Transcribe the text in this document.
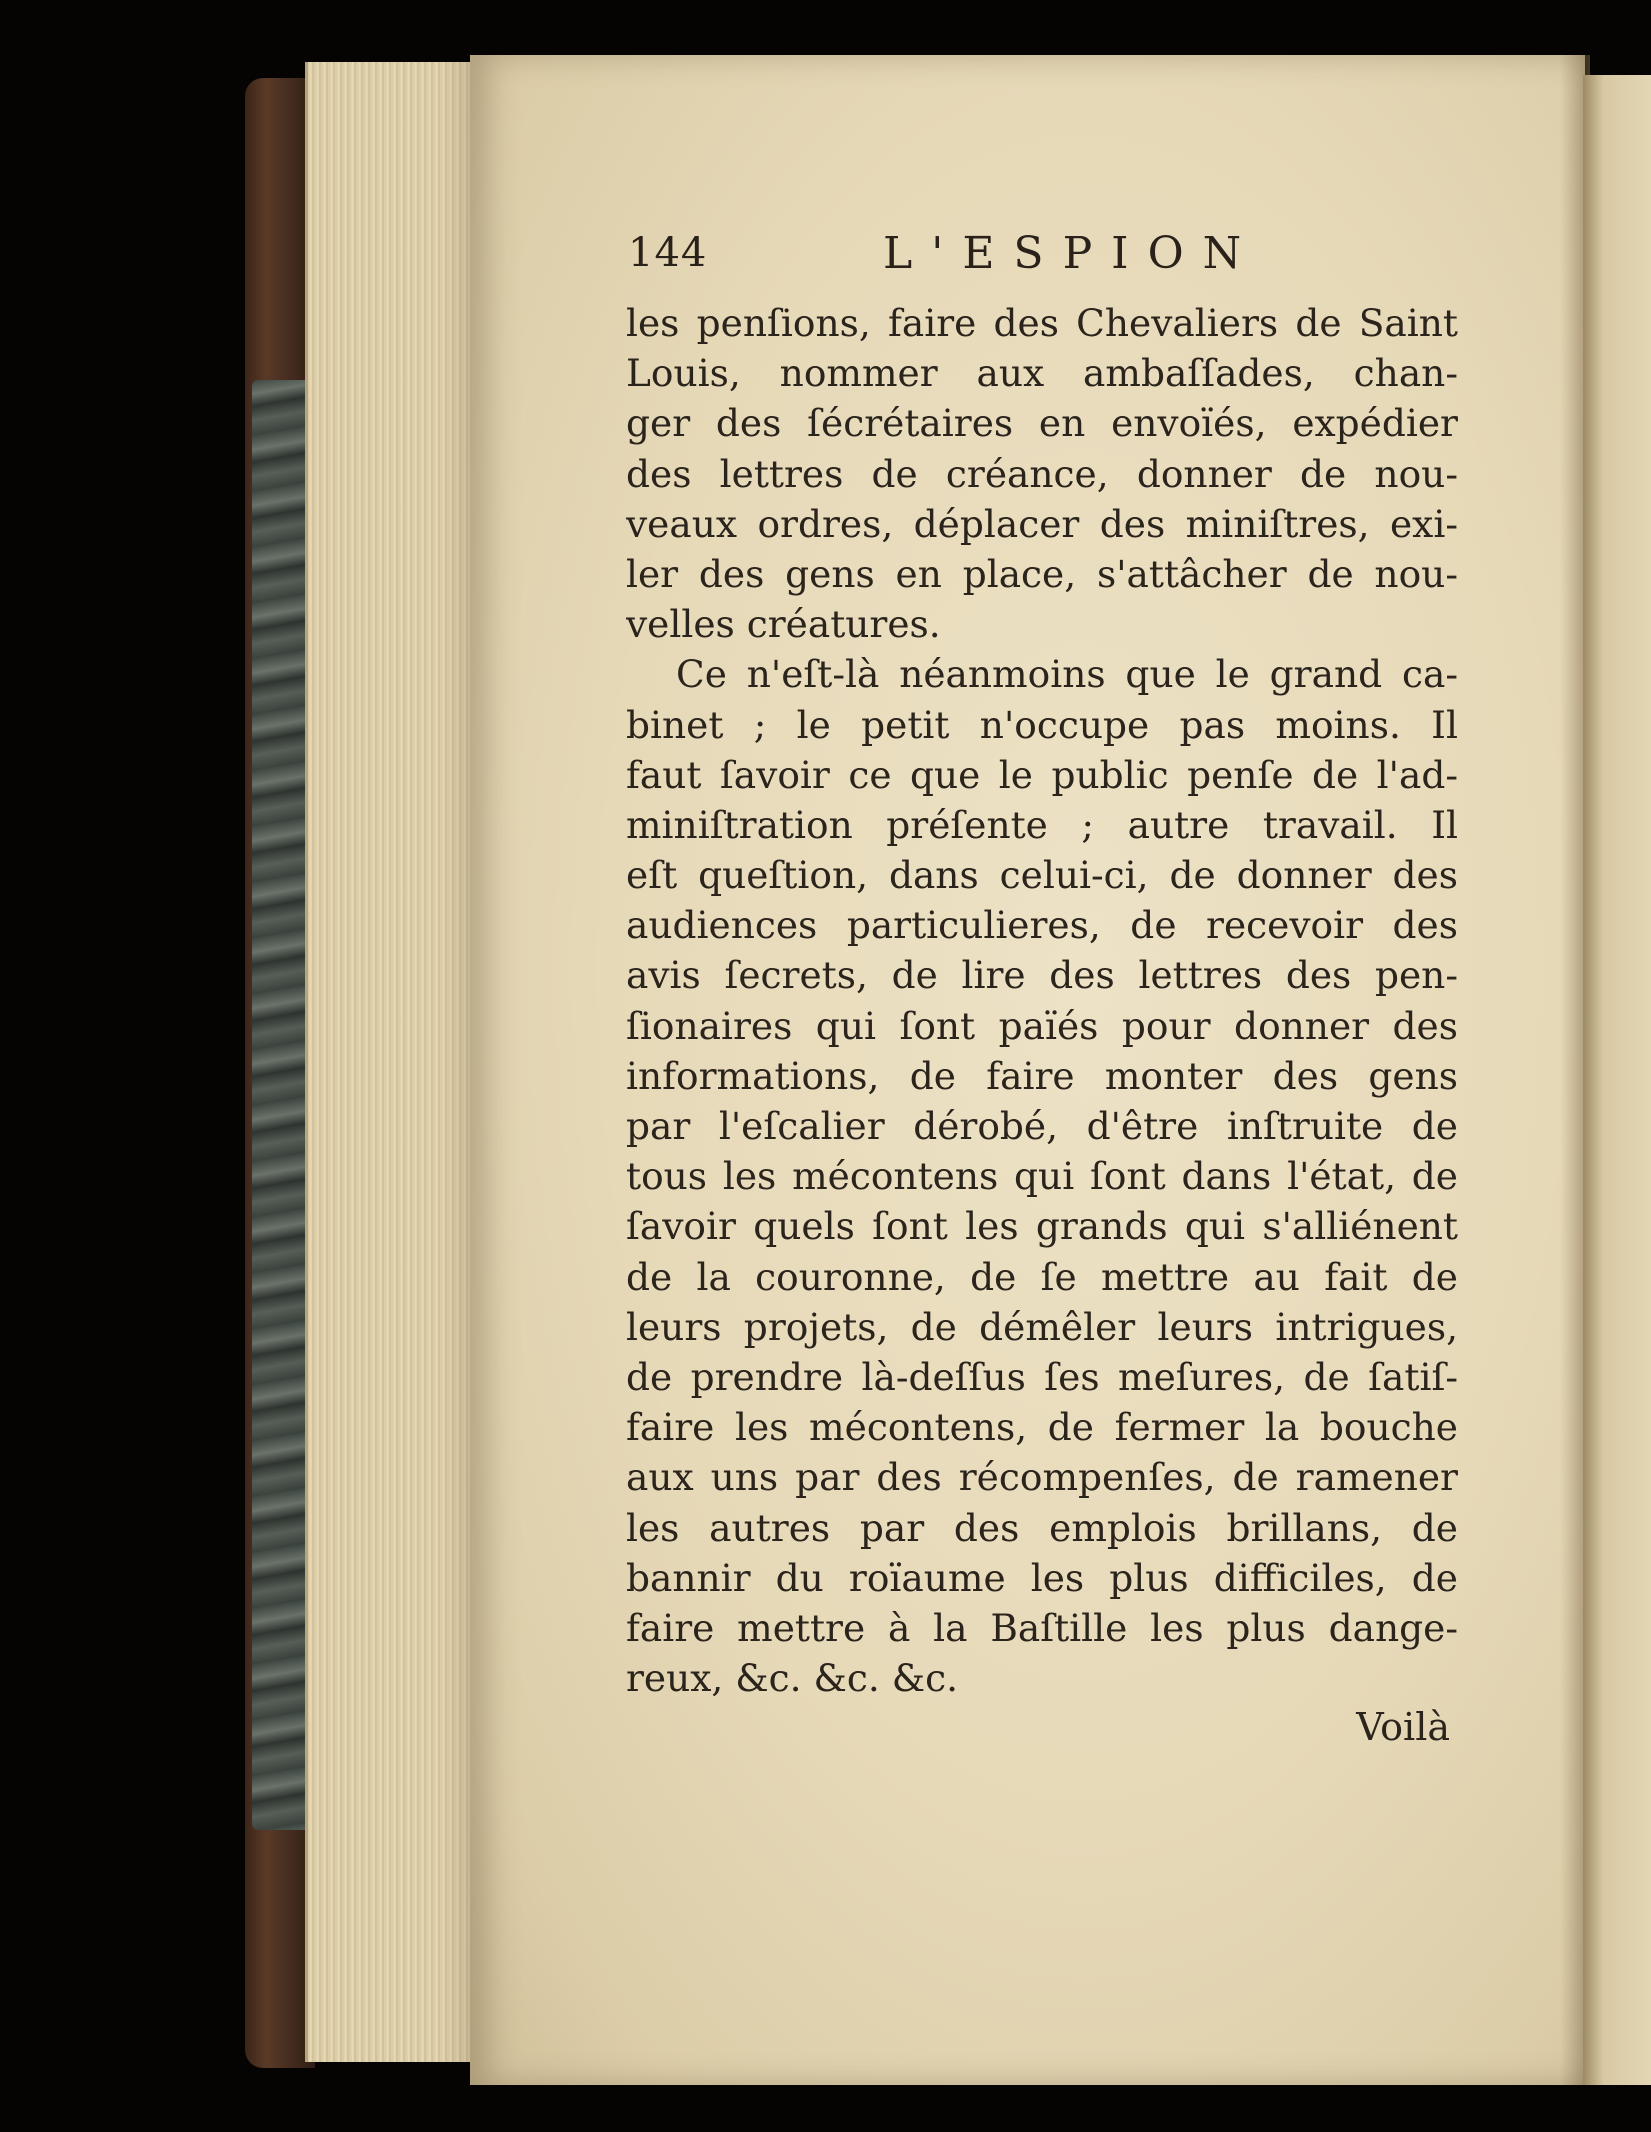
144	L'ESPION
les penſions, faire des Chevaliers de Saint
Louis, nommer aux ambaſſades, chan-
ger des ſécrétaires en envoïés, expédier
des lettres de créance, donner de nou-
veaux ordres, déplacer des miniſtres, exi-
ler des gens en place, s'attâcher de nou-
velles créatures.
Ce n'eſt-là néanmoins que le grand ca-
binet ; le petit n'occupe pas moins. Il
faut ſavoir ce que le public penſe de l'ad-
miniſtration préſente ; autre travail. Il
eſt queſtion, dans celui-ci, de donner des
audiences particulieres, de recevoir des
avis ſecrets, de lire des lettres des pen-
ſionaires qui ſont païés pour donner des
informations, de faire monter des gens
par l'eſcalier dérobé, d'être inſtruite de
tous les mécontens qui ſont dans l'état, de
ſavoir quels ſont les grands qui s'alliénent
de la couronne, de ſe mettre au fait de
leurs projets, de démêler leurs intrigues,
de prendre là-deſſus ſes meſures, de ſatiſ-
faire les mécontens, de fermer la bouche
aux uns par des récompenſes, de ramener
les autres par des emplois brillans, de
bannir du roïaume les plus difficiles, de
faire mettre à la Baſtille les plus dange-
reux, &c. &c. &c.
Voilà
